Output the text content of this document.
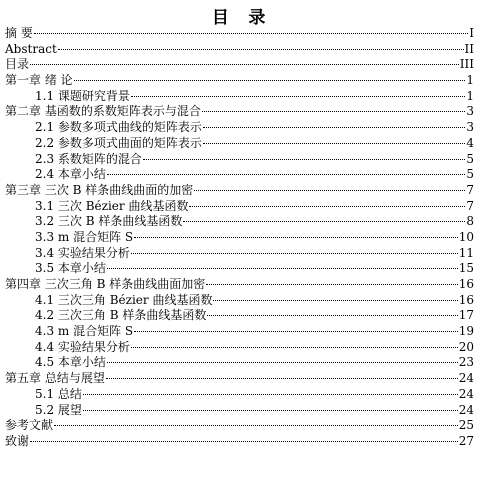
目 录
摘 要	I
Abstract	II
目录	III
第一章 绪 论	1
1.1 课题研究背景	1
第二章 基函数的系数矩阵表示与混合	3
2.1 参数多项式曲线的矩阵表示	3
2.2 参数多项式曲面的矩阵表示	4
2.3 系数矩阵的混合	5
2.4 本章小结	5
第三章 三次 B 样条曲线曲面的加密	7
3.1 三次 Bézier 曲线基函数	7
3.2 三次 B 样条曲线基函数	8
3.3 m 混合矩阵 S	10
3.4 实验结果分析	11
3.5 本章小结	15
第四章 三次三角 B 样条曲线曲面加密	16
4.1 三次三角 Bézier 曲线基函数	16
4.2 三次三角 B 样条曲线基函数	17
4.3 m 混合矩阵 S	19
4.4 实验结果分析	20
4.5 本章小结	23
第五章 总结与展望	24
5.1 总结	24
5.2 展望	24
参考文献	25
致谢	27
